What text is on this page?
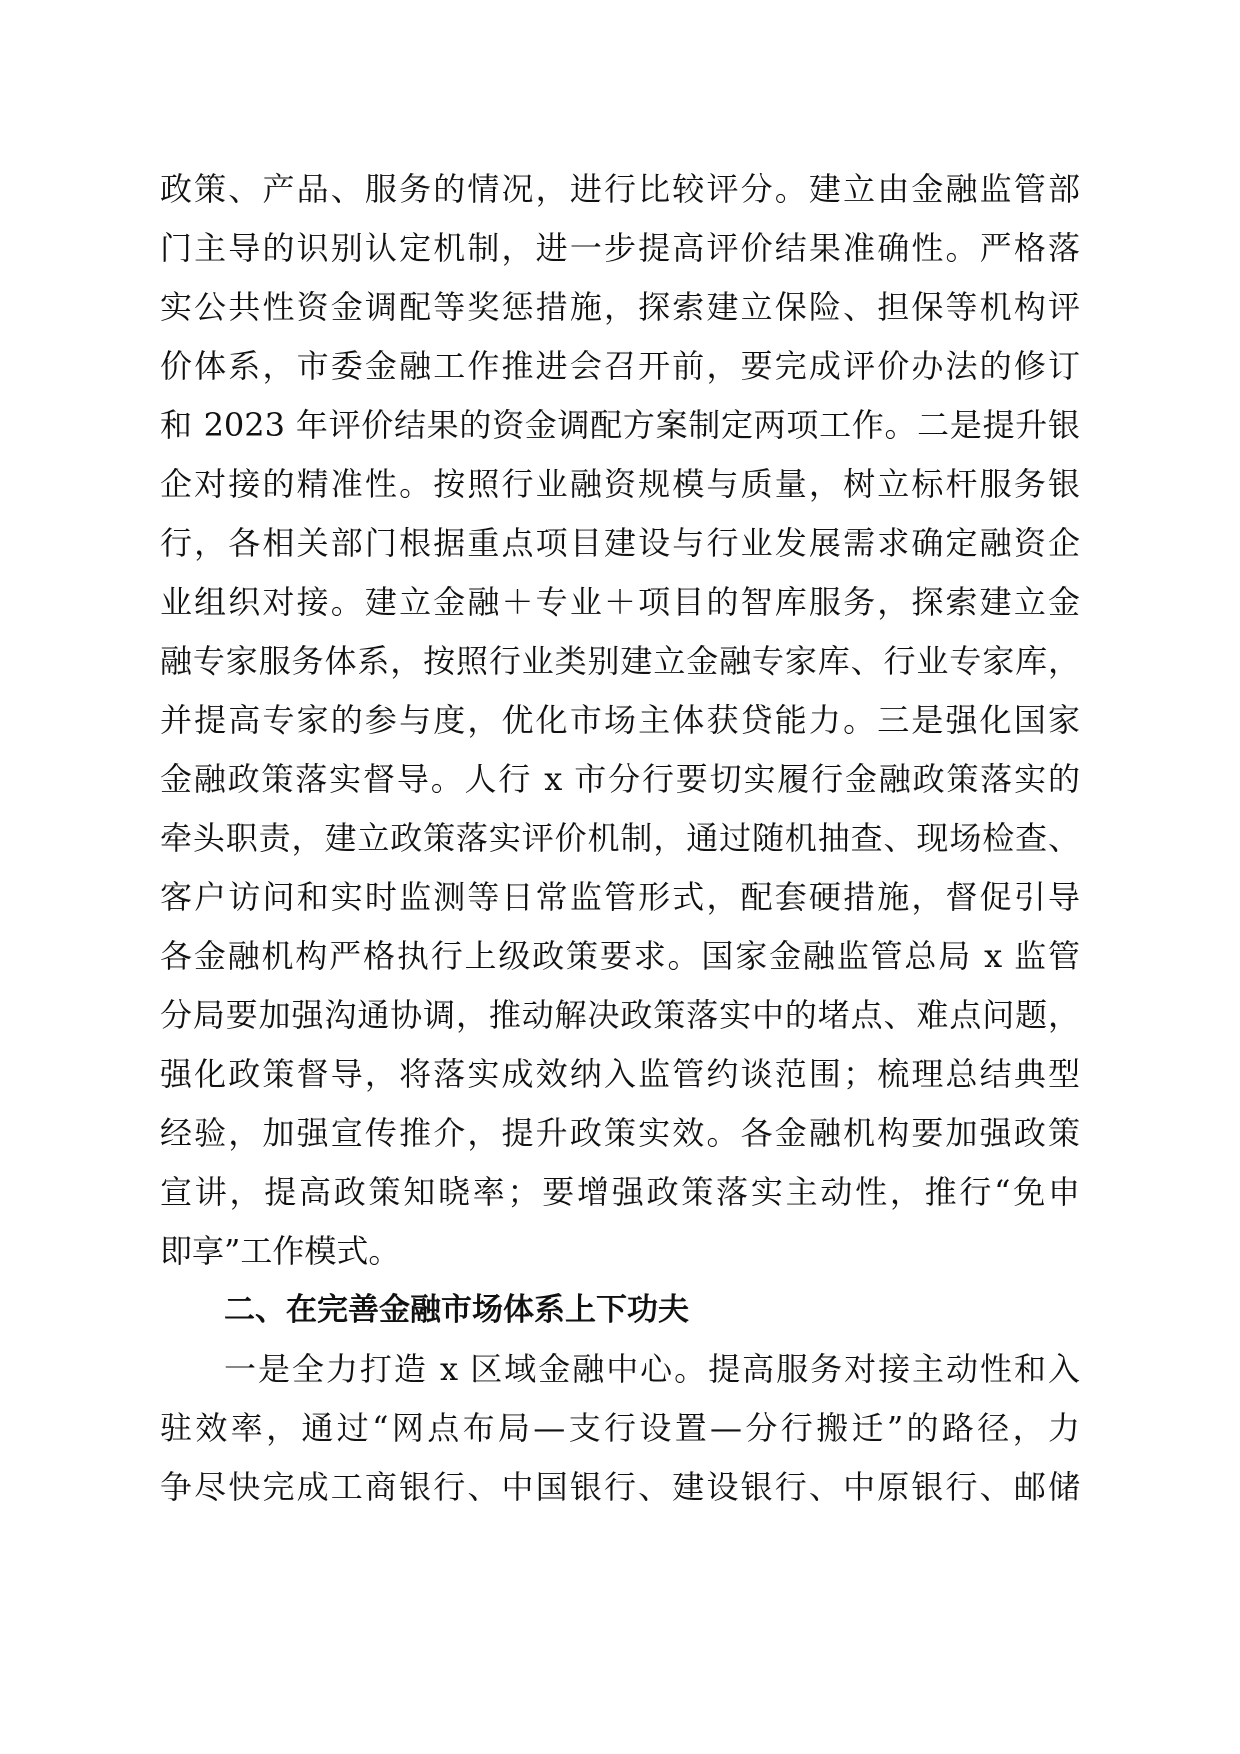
政策、产品、服务的情况，进行比较评分。建立由金融监管部
门主导的识别认定机制，进一步提高评价结果准确性。严格落
实公共性资金调配等奖惩措施，探索建立保险、担保等机构评
价体系，市委金融工作推进会召开前，要完成评价办法的修订
和 2023 年评价结果的资金调配方案制定两项工作。二是提升银
企对接的精准性。按照行业融资规模与质量，树立标杆服务银
行，各相关部门根据重点项目建设与行业发展需求确定融资企
业组织对接。建立金融＋专业＋项目的智库服务，探索建立金
融专家服务体系，按照行业类别建立金融专家库、行业专家库，
并提高专家的参与度，优化市场主体获贷能力。三是强化国家
金融政策落实督导。人行 x 市分行要切实履行金融政策落实的
牵头职责，建立政策落实评价机制，通过随机抽查、现场检查、
客户访问和实时监测等日常监管形式，配套硬措施，督促引导
各金融机构严格执行上级政策要求。国家金融监管总局 x 监管
分局要加强沟通协调，推动解决政策落实中的堵点、难点问题，
强化政策督导，将落实成效纳入监管约谈范围；梳理总结典型
经验，加强宣传推介，提升政策实效。各金融机构要加强政策
宣讲，提高政策知晓率；要增强政策落实主动性，推行“免申
即享”工作模式。
二、在完善金融市场体系上下功夫
一是全力打造 x 区域金融中心。提高服务对接主动性和入
驻效率，通过“网点布局—支行设置—分行搬迁”的路径，力
争尽快完成工商银行、中国银行、建设银行、中原银行、邮储
